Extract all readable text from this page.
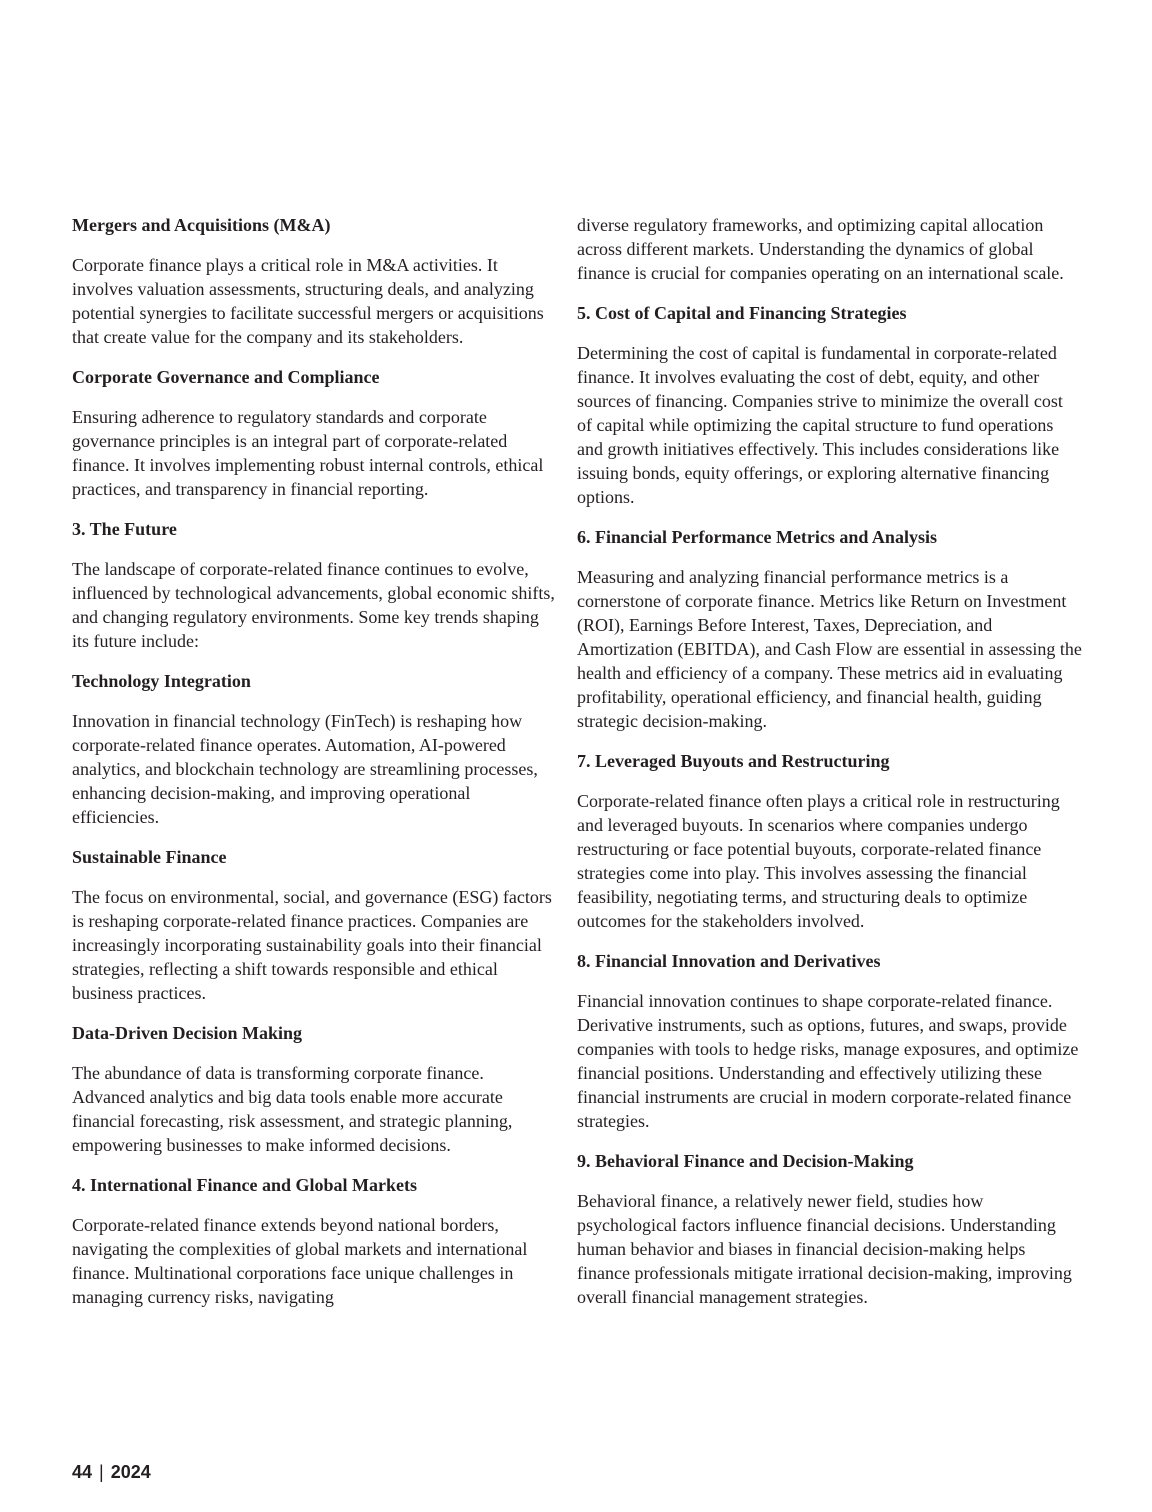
Mergers and Acquisitions (M&A)

Corporate finance plays a critical role in M&A activities. It involves valuation assessments, structuring deals, and analyzing potential synergies to facilitate successful mergers or acquisitions that create value for the company and its stakeholders.

Corporate Governance and Compliance

Ensuring adherence to regulatory standards and corporate governance principles is an integral part of corporate-related finance. It involves implementing robust internal controls, ethical practices, and transparency in financial reporting.

3. The Future

The landscape of corporate-related finance continues to evolve, influenced by technological advancements, global economic shifts, and changing regulatory environments. Some key trends shaping its future include:

Technology Integration

Innovation in financial technology (FinTech) is reshaping how corporate-related finance operates. Automation, AI-powered analytics, and blockchain technology are streamlining processes, enhancing decision-making, and improving operational efficiencies.

Sustainable Finance

The focus on environmental, social, and governance (ESG) factors is reshaping corporate-related finance practices. Companies are increasingly incorporating sustainability goals into their financial strategies, reflecting a shift towards responsible and ethical business practices.

Data-Driven Decision Making

The abundance of data is transforming corporate finance. Advanced analytics and big data tools enable more accurate financial forecasting, risk assessment, and strategic planning, empowering businesses to make informed decisions.

4. International Finance and Global Markets

Corporate-related finance extends beyond national borders, navigating the complexities of global markets and international finance. Multinational corporations face unique challenges in managing currency risks, navigating

diverse regulatory frameworks, and optimizing capital allocation across different markets. Understanding the dynamics of global finance is crucial for companies operating on an international scale.

5. Cost of Capital and Financing Strategies

Determining the cost of capital is fundamental in corporate-related finance. It involves evaluating the cost of debt, equity, and other sources of financing. Companies strive to minimize the overall cost of capital while optimizing the capital structure to fund operations and growth initiatives effectively. This includes considerations like issuing bonds, equity offerings, or exploring alternative financing options.

6. Financial Performance Metrics and Analysis

Measuring and analyzing financial performance metrics is a cornerstone of corporate finance. Metrics like Return on Investment (ROI), Earnings Before Interest, Taxes, Depreciation, and Amortization (EBITDA), and Cash Flow are essential in assessing the health and efficiency of a company. These metrics aid in evaluating profitability, operational efficiency, and financial health, guiding strategic decision-making.

7. Leveraged Buyouts and Restructuring

Corporate-related finance often plays a critical role in restructuring and leveraged buyouts. In scenarios where companies undergo restructuring or face potential buyouts, corporate-related finance strategies come into play. This involves assessing the financial feasibility, negotiating terms, and structuring deals to optimize outcomes for the stakeholders involved.

8. Financial Innovation and Derivatives

Financial innovation continues to shape corporate-related finance. Derivative instruments, such as options, futures, and swaps, provide companies with tools to hedge risks, manage exposures, and optimize financial positions. Understanding and effectively utilizing these financial instruments are crucial in modern corporate-related finance strategies.

9. Behavioral Finance and Decision-Making

Behavioral finance, a relatively newer field, studies how psychological factors influence financial decisions. Understanding human behavior and biases in financial decision-making helps finance professionals mitigate irrational decision-making, improving overall financial management strategies.

44 | 2024
